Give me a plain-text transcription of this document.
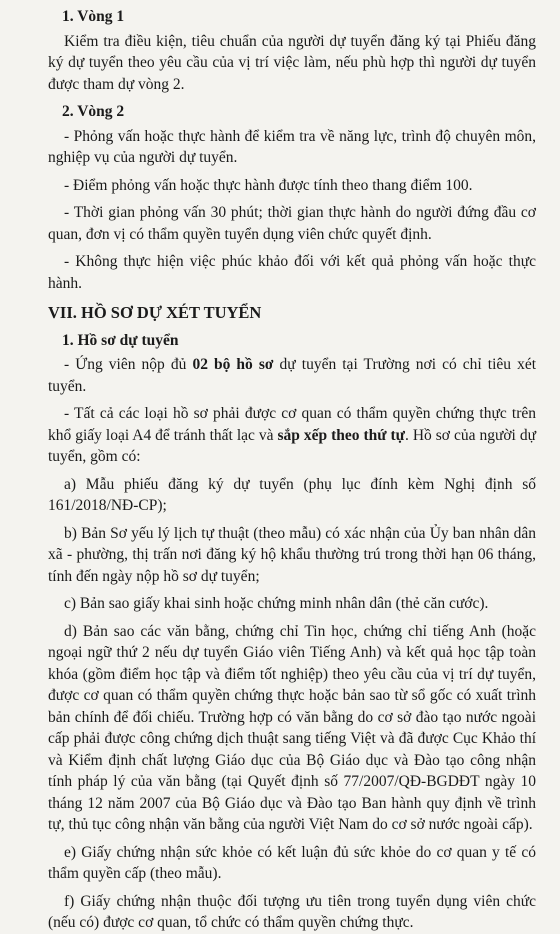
1. Vòng 1

Kiểm tra điều kiện, tiêu chuẩn của người dự tuyển đăng ký tại Phiếu đăng ký dự tuyển theo yêu cầu của vị trí việc làm, nếu phù hợp thì người dự tuyển được tham dự vòng 2.

2. Vòng 2

- Phỏng vấn hoặc thực hành để kiểm tra về năng lực, trình độ chuyên môn, nghiệp vụ của người dự tuyển.

- Điểm phỏng vấn hoặc thực hành được tính theo thang điểm 100.

- Thời gian phỏng vấn 30 phút; thời gian thực hành do người đứng đầu cơ quan, đơn vị có thẩm quyền tuyển dụng viên chức quyết định.

- Không thực hiện việc phúc khảo đối với kết quả phỏng vấn hoặc thực hành.

VII. HỒ SƠ DỰ XÉT TUYỂN

1. Hồ sơ dự tuyển

- Ứng viên nộp đủ 02 bộ hồ sơ dự tuyển tại Trường nơi có chỉ tiêu xét tuyển.

- Tất cả các loại hồ sơ phải được cơ quan có thẩm quyền chứng thực trên khổ giấy loại A4 để tránh thất lạc và sắp xếp theo thứ tự. Hồ sơ của người dự tuyển, gồm có:

a) Mẫu phiếu đăng ký dự tuyển (phụ lục đính kèm Nghị định số 161/2018/NĐ-CP);

b) Bản Sơ yếu lý lịch tự thuật (theo mẫu) có xác nhận của Ủy ban nhân dân xã - phường, thị trấn nơi đăng ký hộ khẩu thường trú trong thời hạn 06 tháng, tính đến ngày nộp hồ sơ dự tuyển;

c) Bản sao giấy khai sinh hoặc chứng minh nhân dân (thẻ căn cước).

d) Bản sao các văn bằng, chứng chỉ Tin học, chứng chỉ tiếng Anh (hoặc ngoại ngữ thứ 2 nếu dự tuyển Giáo viên Tiếng Anh) và kết quả học tập toàn khóa (gồm điểm học tập và điểm tốt nghiệp) theo yêu cầu của vị trí dự tuyển, được cơ quan có thẩm quyền chứng thực hoặc bản sao từ sổ gốc có xuất trình bản chính để đối chiếu. Trường hợp có văn bằng do cơ sở đào tạo nước ngoài cấp phải được công chứng dịch thuật sang tiếng Việt và đã được Cục Khảo thí và Kiểm định chất lượng Giáo dục của Bộ Giáo dục và Đào tạo công nhận tính pháp lý của văn bằng (tại Quyết định số 77/2007/QĐ-BGDĐT ngày 10 tháng 12 năm 2007 của Bộ Giáo dục và Đào tạo Ban hành quy định về trình tự, thủ tục công nhận văn bằng của người Việt Nam do cơ sở nước ngoài cấp).

e) Giấy chứng nhận sức khỏe có kết luận đủ sức khỏe do cơ quan y tế có thẩm quyền cấp (theo mẫu).

f) Giấy chứng nhận thuộc đối tượng ưu tiên trong tuyển dụng viên chức (nếu có) được cơ quan, tổ chức có thẩm quyền chứng thực.
